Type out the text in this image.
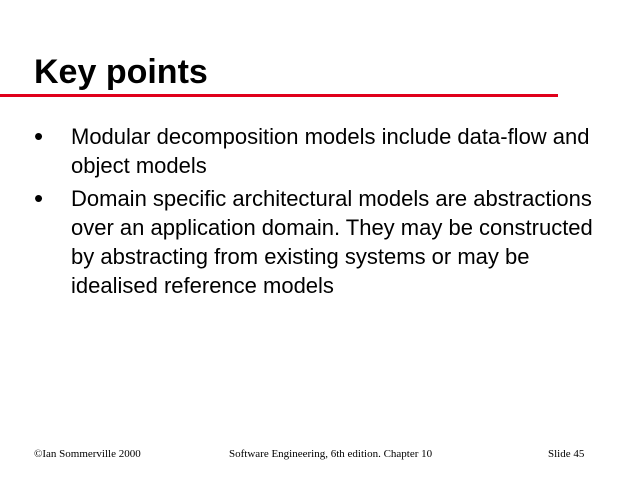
Key points
• Modular decomposition models include data-flow and object models
• Domain specific architectural models are abstractions over an application domain. They may be constructed by abstracting from existing systems or may be idealised reference models
©Ian Sommerville 2000	Software Engineering, 6th edition. Chapter 10	Slide 45
